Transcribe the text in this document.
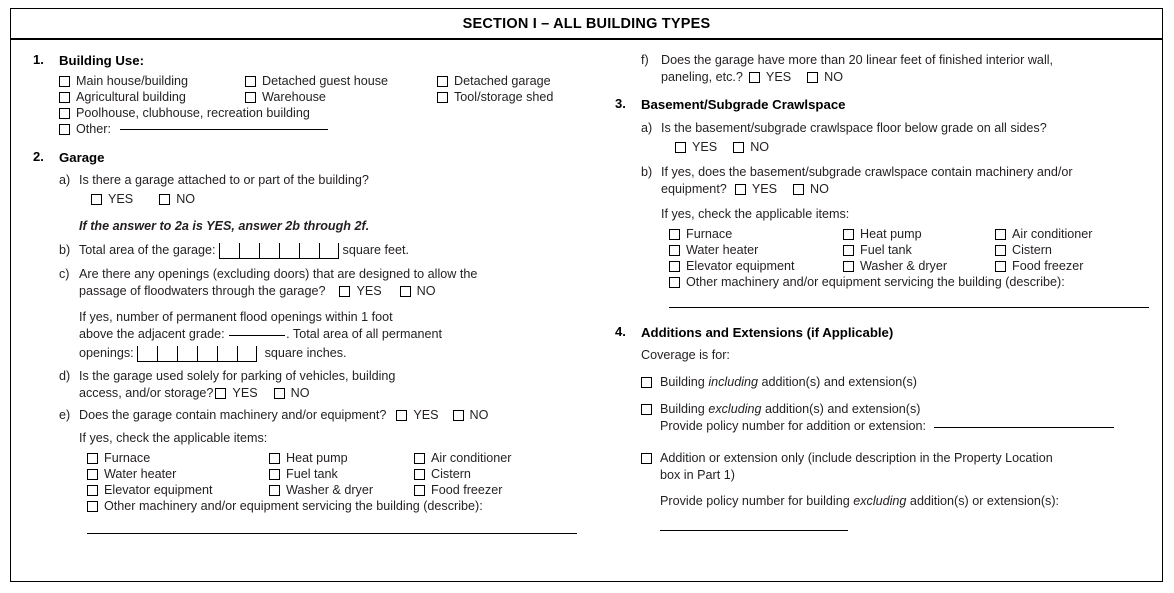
SECTION I – ALL BUILDING TYPES
1.	Building Use:
Main house/building	Detached guest house	Detached garage
Agricultural building	Warehouse	Tool/storage shed
Poolhouse, clubhouse, recreation building
Other:
2.	Garage
a) Is there a garage attached to or part of the building?
YES	NO
If the answer to 2a is YES, answer 2b through 2f.
b) Total area of the garage:	square feet.
c) Are there any openings (excluding doors) that are designed to allow the
passage of floodwaters through the garage? YES	NO
If yes, number of permanent flood openings within 1 foot
above the adjacent grade:	. Total area of all permanent
openings:	square inches.
d) Is the garage used solely for parking of vehicles, building
access, and/or storage? YES	NO
e) Does the garage contain machinery and/or equipment? YES NO
If yes, check the applicable items:
Furnace	Heat pump	Air conditioner
Water heater	Fuel tank	Cistern
Elevator equipment	Washer & dryer	Food freezer
Other machinery and/or equipment servicing the building (describe):
f) Does the garage have more than 20 linear feet of finished interior wall,
paneling, etc.? YES	NO
3.	Basement/Subgrade Crawlspace
a) Is the basement/subgrade crawlspace floor below grade on all sides?
YES	NO
b) If yes, does the basement/subgrade crawlspace contain machinery and/or
equipment? YES	NO
If yes, check the applicable items:
Furnace	Heat pump	Air conditioner
Water heater	Fuel tank	Cistern
Elevator equipment	Washer & dryer	Food freezer
Other machinery and/or equipment servicing the building (describe):
4.	Additions and Extensions (if Applicable)
Coverage is for:
Building including addition(s) and extension(s)
Building excluding addition(s) and extension(s)
Provide policy number for addition or extension:
Addition or extension only (include description in the Property Location
box in Part 1)
Provide policy number for building excluding addition(s) or extension(s):
